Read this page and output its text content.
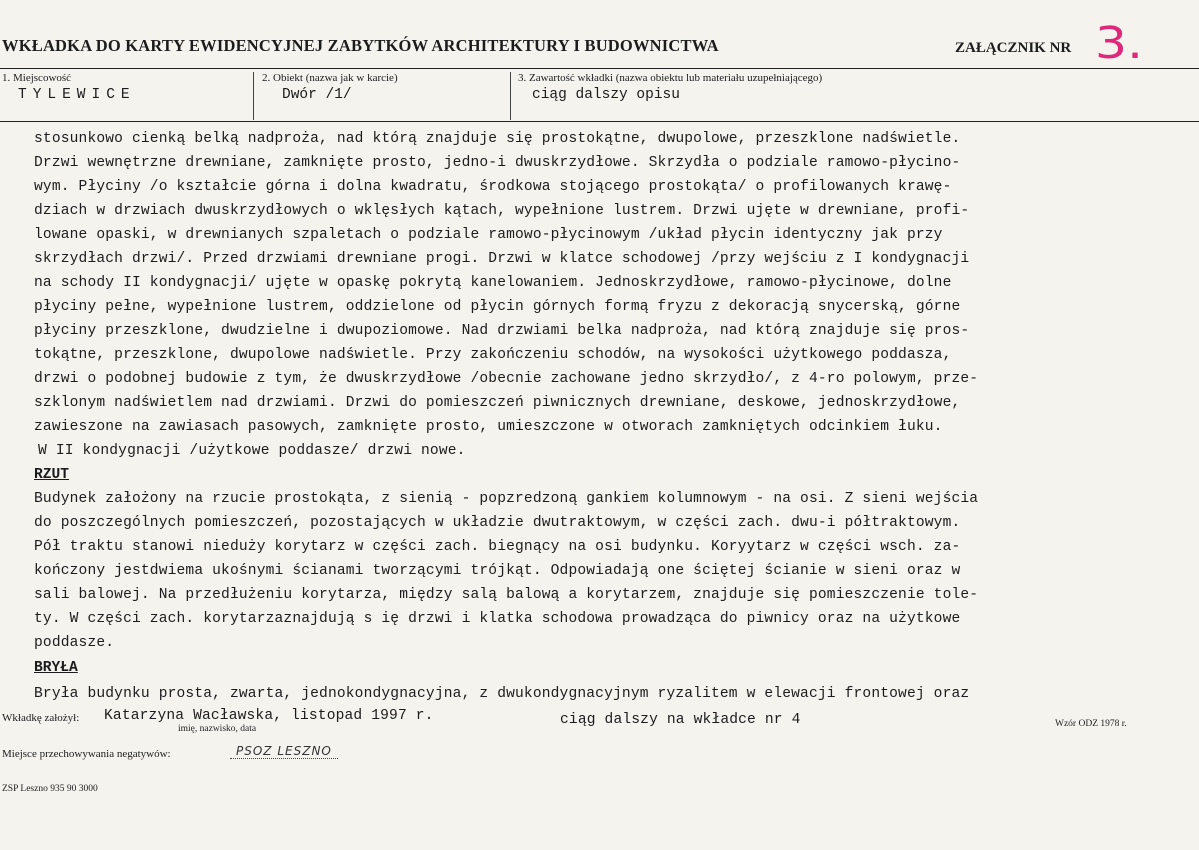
WKŁADKA DO KARTY EWIDENCYJNEJ ZABYTKÓW ARCHITEKTURY I BUDOWNICTWA	ZAŁĄCZNIK NR 3.
1. Miejscowość
TYLEWICE
2. Obiekt (nazwa jak w karcie)
Dwór /1/
3. Zawartość wkładki (nazwa obiektu lub materiału uzupełniającego)
ciąg dalszy opisu
stosunkowo cienką belką nadproża, nad którą znajduje się prostokątne, dwupolowe, przeszklone nadświetle.
Drzwi wewnętrzne drewniane, zamknięte prosto, jedno-i dwuskrzydłowe. Skrzydła o podziale ramowo-płycino-
wym. Płyciny /o kształcie górna i dolna kwadratu, środkowa stojącego prostokąta/ o profilowanych krawę-
dziach w drzwiach dwuskrzydłowych o wklęsłych kątach, wypełnione lustrem. Drzwi ujęte w drewniane, profi-
lowane opaski, w drewnianych szpaletach o podziale ramowo-płycinowym /układ płycin identyczny jak przy
skrzydłach drzwi/. Przed drzwiami drewniane progi. Drzwi w klatce schodowej /przy wejściu z I kondygnacji
na schody II kondygnacji/ ujęte w opaskę pokrytą kanelowaniem. Jednoskrzydłowe, ramowo-płycinowe, dolne
płyciny pełne, wypełnione lustrem, oddzielone od płycin górnych formą fryzu z dekoracją snycerską, górne
płyciny przeszklone, dwudzielne i dwupoziomowe. Nad drzwiami belka nadproża, nad którą znajduje się pros-
tokątne, przeszklone, dwupolowe nadświetle. Przy zakończeniu schodów, na wysokości użytkowego poddasza,
drzwi o podobnej budowie z tym, że dwuskrzydłowe /obecnie zachowane jedno skrzydło/, z 4-ro polowym, prze-
szklonym nadświetlem nad drzwiami. Drzwi do pomieszczeń piwnicznych drewniane, deskowe, jednoskrzydłowe,
zawieszone na zawiasach pasowych, zamknięte prosto, umieszczone w otworach zamkniętych odcinkiem łuku.
W II kondygnacji /użytkowe poddasze/ drzwi nowe.
RZUT
Budynek założony na rzucie prostokąta, z sienią - popzredzoną gankiem kolumnowym - na osi. Z sieni wejścia
do poszczególnych pomieszczeń, pozostających w układzie dwutraktowym, w części zach. dwu-i półtraktowym.
Pół traktu stanowi nieduży korytarz w części zach. biegnący na osi budynku. Koryytarz w części wsch. za-
kończony jestdwiema ukośnymi ścianami tworzącymi trójkąt. Odpowiadają one ściętej ścianie w sieni oraz w
sali balowej. Na przedłużeniu korytarza, między salą balową a korytarzem, znajduje się pomieszczenie tole-
ty. W części zach. korytarzaznajdują s ię drzwi i klatka schodowa prowadząca do piwnicy oraz na użytkowe
poddasze.
BRYŁA
Bryła budynku prosta, zwarta, jednokondygnacyjna, z dwukondygnacyjnym ryzalitem w elewacji frontowej oraz
Wkładkę założył: Katarzyna Wacławska, listopad 1997 r.
imię, nazwisko, data
ciąg dalszy na wkładce nr 4	Wzór ODZ 1978 r.
Miejsce przechowywania negatywów:	PSOZ LESZNO
ZSP Leszno 935 90 3000
